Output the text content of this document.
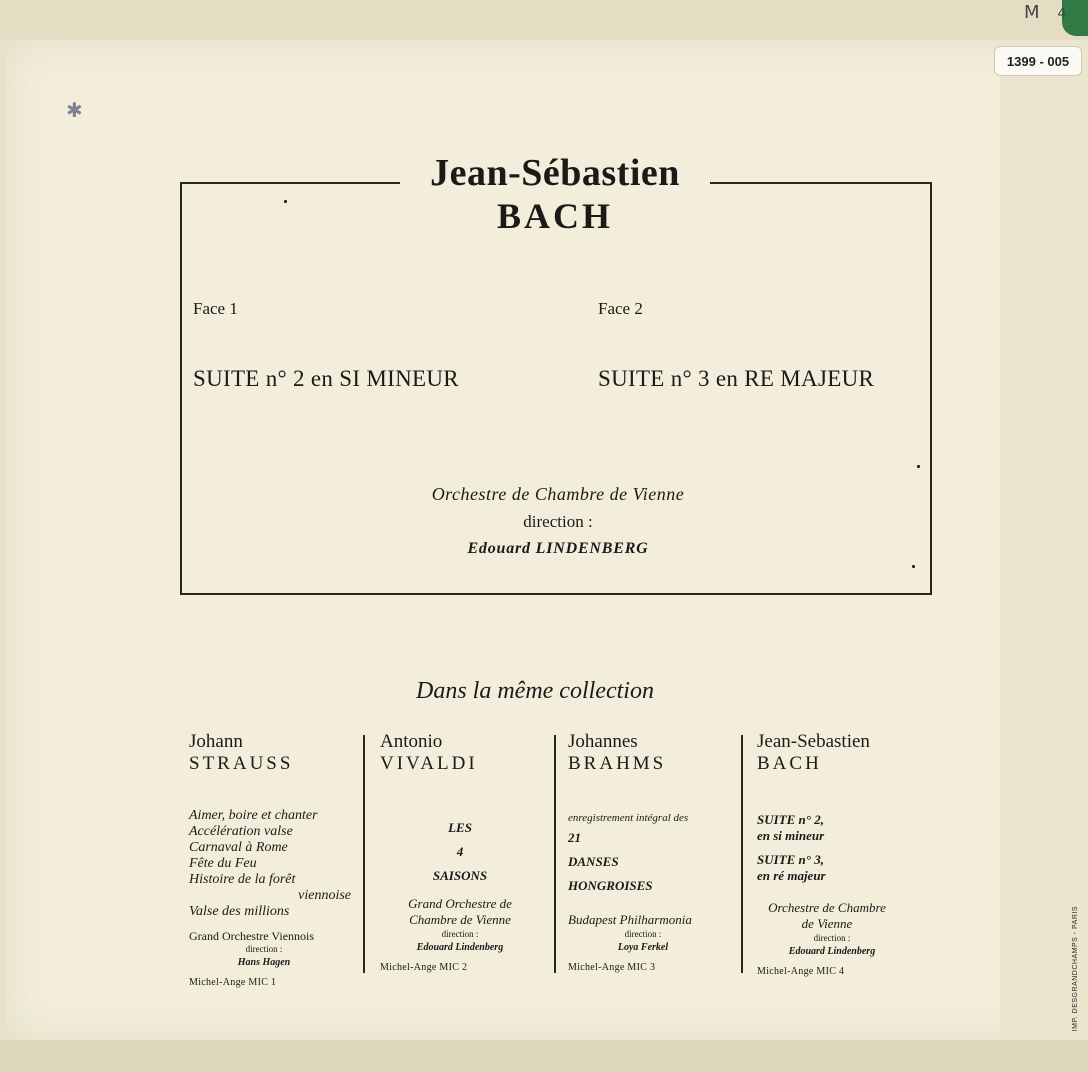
M 4
1399 - 005
✱
Jean-Sébastien
BACH
Face 1	Face 2
SUITE n° 2 en SI MINEUR	SUITE n° 3 en RE MAJEUR
Orchestre de Chambre de Vienne
direction :
Edouard LINDENBERG
Dans la même collection
Johann
STRAUSS
Aimer, boire et chanter
Accélération valse
Carnaval à Rome
Fête du Feu
Histoire de la forêt
viennoise
Valse des millions
Grand Orchestre Viennois
direction :
Hans Hagen
Michel-Ange MIC 1
Antonio
VIVALDI
LES
4
SAISONS
Grand Orchestre de
Chambre de Vienne
direction :
Edouard Lindenberg
Michel-Ange MIC 2
Johannes
BRAHMS
enregistrement intégral des
21
DANSES
HONGROISES
Budapest Philharmonia
direction :
Loya Ferkel
Michel-Ange MIC 3
Jean-Sebastien
BACH
SUITE n° 2,
en si mineur
SUITE n° 3,
en ré majeur
Orchestre de Chambre
de Vienne
direction :
Edouard Lindenberg
Michel-Ange MIC 4	IMP. DESGRANDCHAMPS - PARIS
